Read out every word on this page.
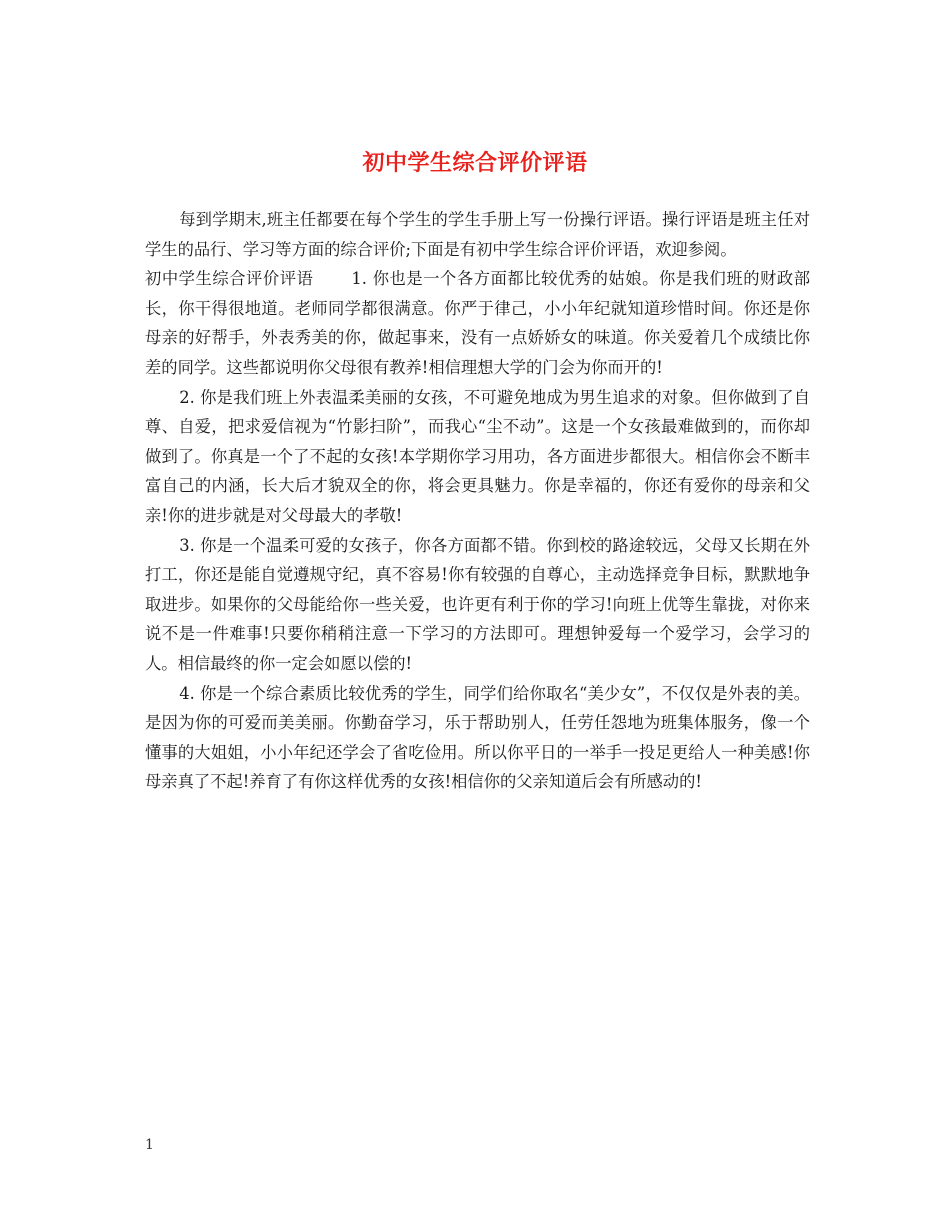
初中学生综合评价评语

每到学期末,班主任都要在每个学生的学生手册上写一份操行评语。操行评语是班主任对学生的品行、学习等方面的综合评价;下面是有初中学生综合评价评语，欢迎参阅。

初中学生综合评价评语 1. 你也是一个各方面都比较优秀的姑娘。你是我们班的财政部长，你干得很地道。老师同学都很满意。你严于律己，小小年纪就知道珍惜时间。你还是你母亲的好帮手，外表秀美的你，做起事来，没有一点娇娇女的味道。你关爱着几个成绩比你差的同学。这些都说明你父母很有教养!相信理想大学的门会为你而开的!

2. 你是我们班上外表温柔美丽的女孩，不可避免地成为男生追求的对象。但你做到了自尊、自爱，把求爱信视为“竹影扫阶”，而我心“尘不动”。这是一个女孩最难做到的，而你却做到了。你真是一个了不起的女孩!本学期你学习用功，各方面进步都很大。相信你会不断丰富自己的内涵，长大后才貌双全的你，将会更具魅力。你是幸福的，你还有爱你的母亲和父亲!你的进步就是对父母最大的孝敬!

3. 你是一个温柔可爱的女孩子，你各方面都不错。你到校的路途较远，父母又长期在外打工，你还是能自觉遵规守纪，真不容易!你有较强的自尊心，主动选择竞争目标，默默地争取进步。如果你的父母能给你一些关爱，也许更有利于你的学习!向班上优等生靠拢，对你来说不是一件难事!只要你稍稍注意一下学习的方法即可。理想钟爱每一个爱学习，会学习的人。相信最终的你一定会如愿以偿的!

4. 你是一个综合素质比较优秀的学生，同学们给你取名“美少女”，不仅仅是外表的美。是因为你的可爱而美美丽。你勤奋学习，乐于帮助别人，任劳任怨地为班集体服务，像一个懂事的大姐姐，小小年纪还学会了省吃俭用。所以你平日的一举手一投足更给人一种美感!你母亲真了不起!养育了有你这样优秀的女孩!相信你的父亲知道后会有所感动的!

1
